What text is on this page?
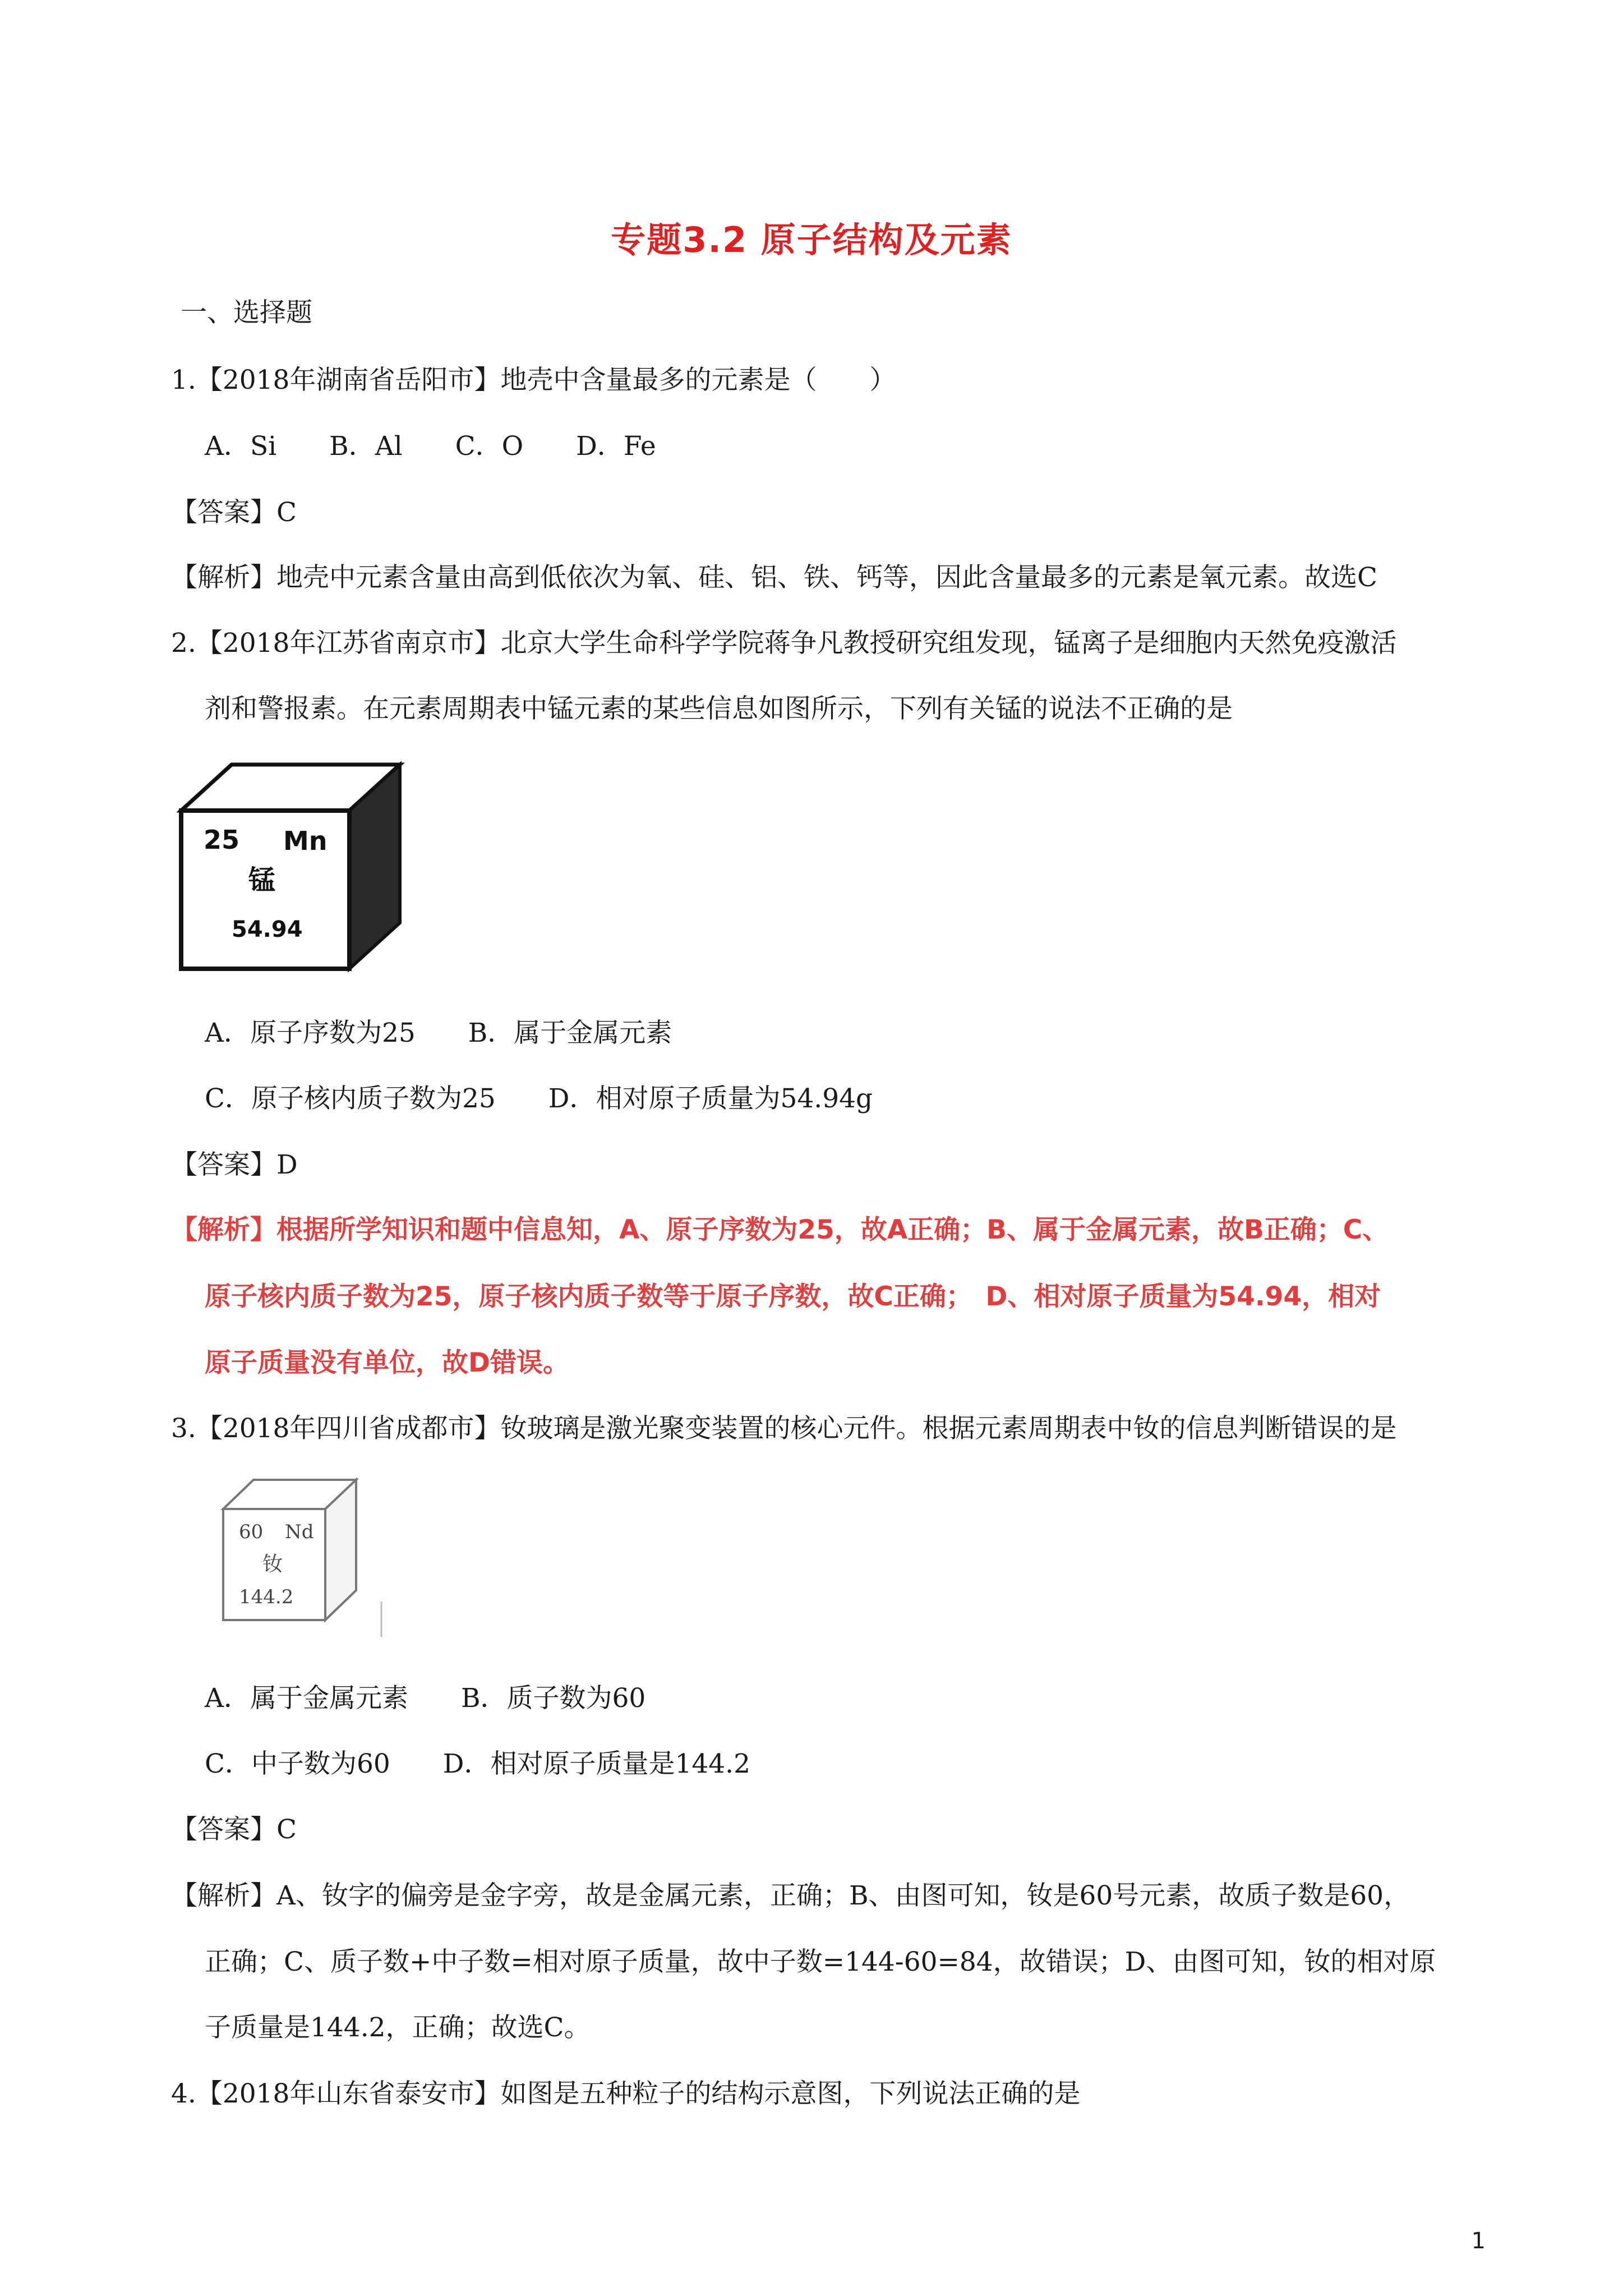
专题3.2 原子结构及元素
一、选择题
1.【2018年湖南省岳阳市】地壳中含量最多的元素是（　　）
A．Si　　B．Al　　C．O　　D．Fe
【答案】C
【解析】地壳中元素含量由高到低依次为氧、硅、铝、铁、钙等，因此含量最多的元素是氧元素。故选C
2.【2018年江苏省南京市】北京大学生命科学学院蒋争凡教授研究组发现，锰离子是细胞内天然免疫激活
剂和警报素。在元素周期表中锰元素的某些信息如图所示，下列有关锰的说法不正确的是
25 Mn
锰
54.94
A．原子序数为25　　B．属于金属元素
C．原子核内质子数为25　　D．相对原子质量为54.94g
【答案】D
【解析】根据所学知识和题中信息知，A、原子序数为25，故A正确；B、属于金属元素，故B正确；C、
原子核内质子数为25，原子核内质子数等于原子序数，故C正确；　D、相对原子质量为54.94，相对
原子质量没有单位，故D错误。
3.【2018年四川省成都市】钕玻璃是激光聚变装置的核心元件。根据元素周期表中钕的信息判断错误的是
60 Nd
钕
144.2
A．属于金属元素　　B．质子数为60
C．中子数为60　　D．相对原子质量是144.2
【答案】C
【解析】A、钕字的偏旁是金字旁，故是金属元素，正确；B、由图可知，钕是60号元素，故质子数是60，
正确；C、质子数+中子数=相对原子质量，故中子数=144-60=84，故错误；D、由图可知，钕的相对原
子质量是144.2，正确；故选C。
4.【2018年山东省泰安市】如图是五种粒子的结构示意图，下列说法正确的是
1
